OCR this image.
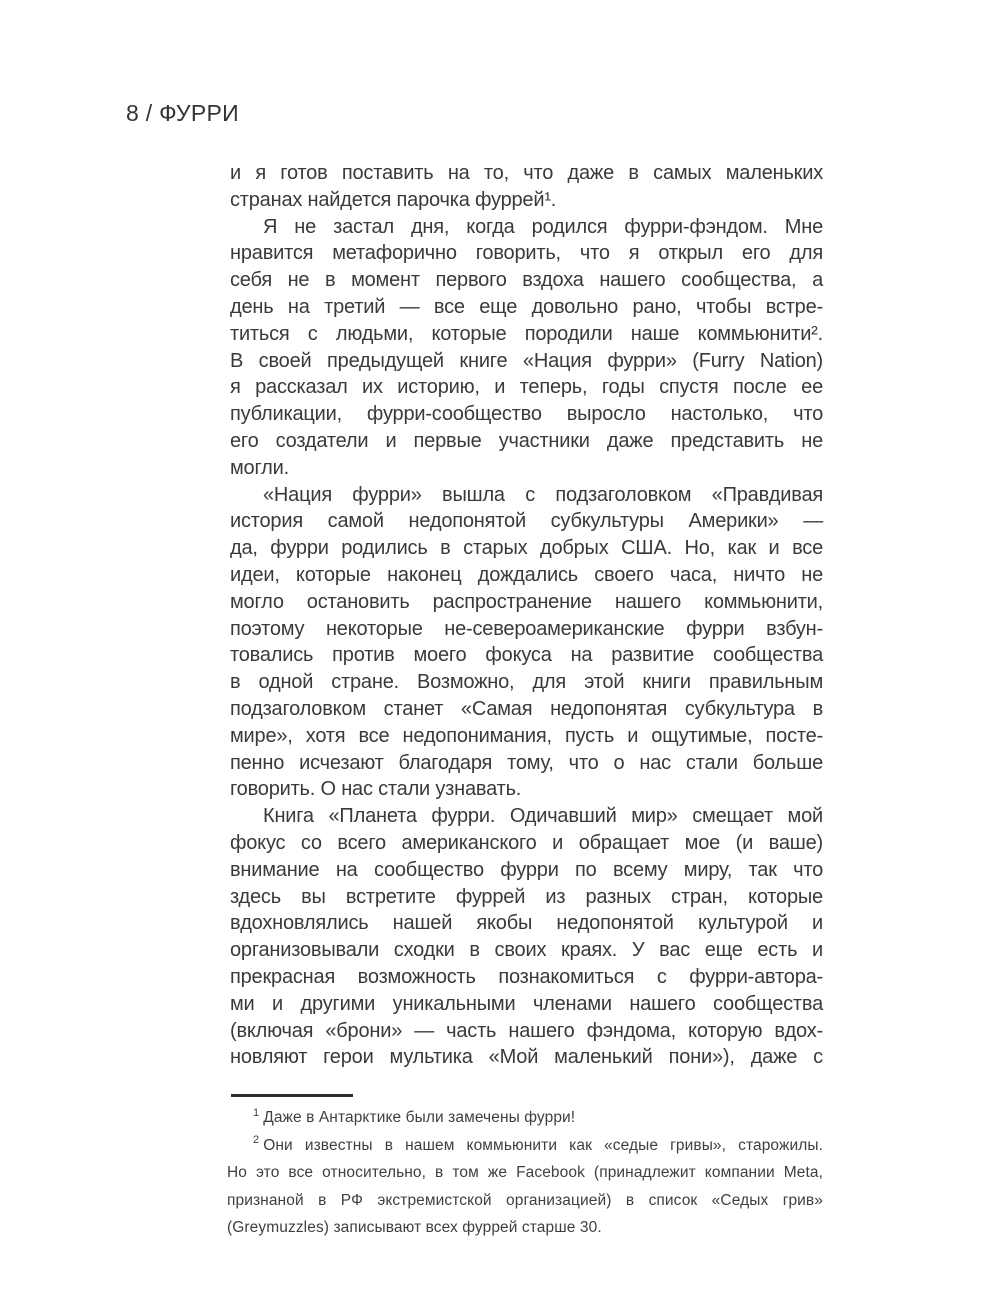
8 / ФУРРИ
и я готов поставить на то, что даже в самых маленьких
странах найдется парочка фуррей¹.
Я не застал дня, когда родился фурри-фэндом. Мне
нравится метафорично говорить, что я открыл его для
себя не в момент первого вздоха нашего сообщества, а
день на третий — все еще довольно рано, чтобы встре-
титься с людьми, которые породили наше коммьюнити².
В своей предыдущей книге «Нация фурри» (Furry Nation)
я рассказал их историю, и теперь, годы спустя после ее
публикации, фурри-сообщество выросло настолько, что
его создатели и первые участники даже представить не
могли.
«Нация фурри» вышла с подзаголовком «Правдивая
история самой недопонятой субкультуры Америки» —
да, фурри родились в старых добрых США. Но, как и все
идеи, которые наконец дождались своего часа, ничто не
могло остановить распространение нашего коммьюнити,
поэтому некоторые не-североамериканские фурри взбун-
товались против моего фокуса на развитие сообщества
в одной стране. Возможно, для этой книги правильным
подзаголовком станет «Самая недопонятая субкультура в
мире», хотя все недопонимания, пусть и ощутимые, посте-
пенно исчезают благодаря тому, что о нас стали больше
говорить. О нас стали узнавать.
Книга «Планета фурри. Одичавший мир» смещает мой
фокус со всего американского и обращает мое (и ваше)
внимание на сообщество фурри по всему миру, так что
здесь вы встретите фуррей из разных стран, которые
вдохновлялись нашей якобы недопонятой культурой и
организовывали сходки в своих краях. У вас еще есть и
прекрасная возможность познакомиться с фурри-автора-
ми и другими уникальными членами нашего сообщества
(включая «брони» — часть нашего фэндома, которую вдох-
новляют герои мультика «Мой маленький пони»), даже с
$^1$ Даже в Антарктике были замечены фурри!
$^2$ Они известны в нашем коммьюнити как «седые гривы», старожилы.
Но это все относительно, в том же Facebook (принадлежит компании Meta,
признаной в РФ экстремистской организацией) в список «Седых грив»
(Greymuzzles) записывают всех фуррей старше 30.
